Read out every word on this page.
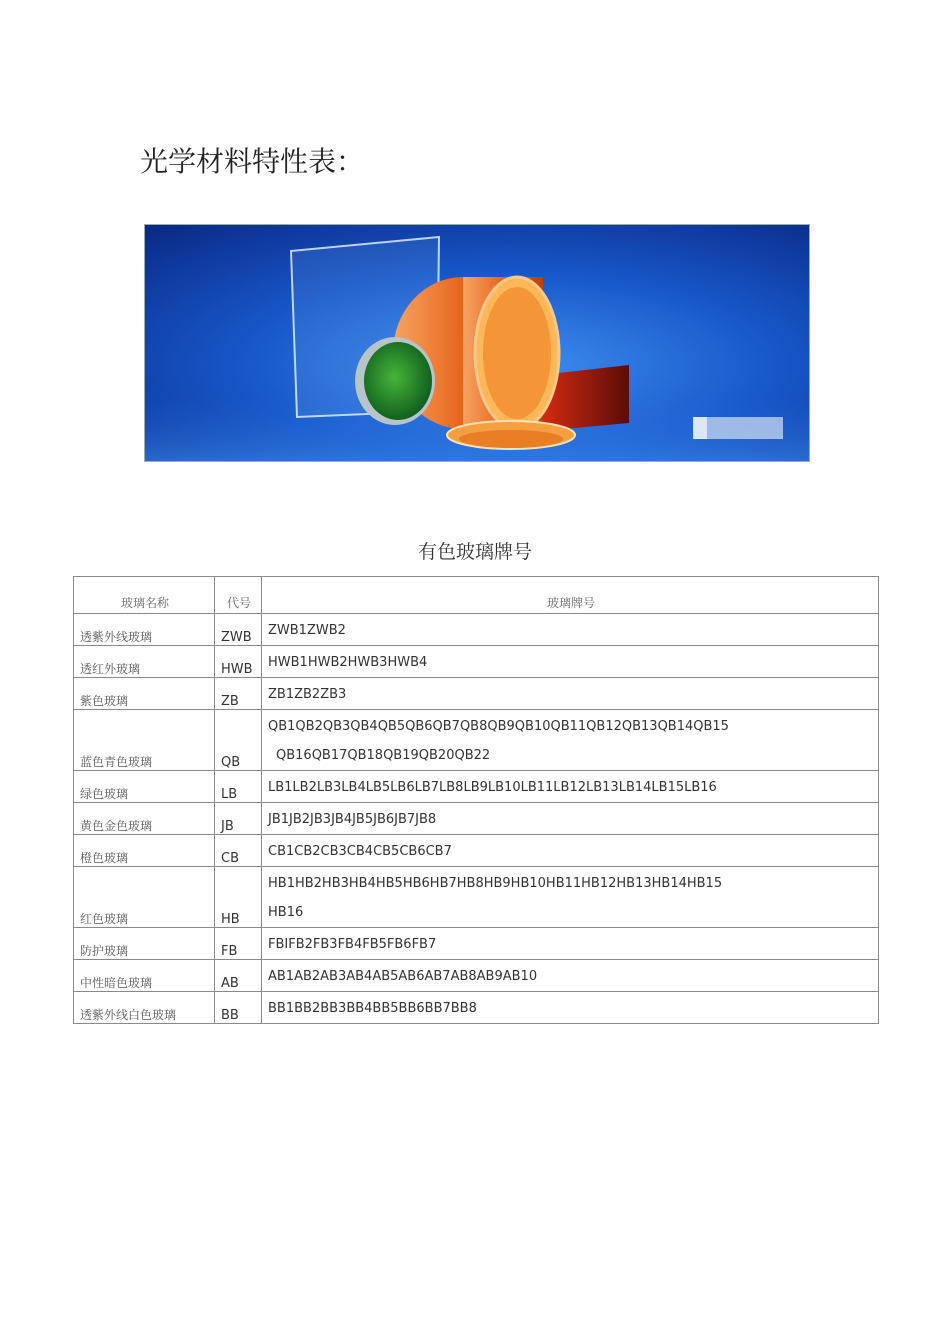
光学材料特性表：
有色玻璃牌号
玻璃名称	代号	玻璃牌号
透紫外线玻璃	ZWB	ZWB1ZWB2
透红外玻璃	HWB	HWB1HWB2HWB3HWB4
紫色玻璃	ZB	ZB1ZB2ZB3
蓝色青色玻璃	QB	QB1QB2QB3QB4QB5QB6QB7QB8QB9QB10QB11QB12QB13QB14QB15
QB16QB17QB18QB19QB20QB22

绿色玻璃	LB	LB1LB2LB3LB4LB5LB6LB7LB8LB9LB10LB11LB12LB13LB14LB15LB16
黄色金色玻璃	JB	JB1JB2JB3JB4JB5JB6JB7JB8
橙色玻璃	CB	CB1CB2CB3CB4CB5CB6CB7
红色玻璃	HB	HB1HB2HB3HB4HB5HB6HB7HB8HB9HB10HB11HB12HB13HB14HB15
HB16

防护玻璃	FB	FBIFB2FB3FB4FB5FB6FB7
中性暗色玻璃	AB	AB1AB2AB3AB4AB5AB6AB7AB8AB9AB10
透紫外线白色玻璃	BB	BB1BB2BB3BB4BB5BB6BB7BB8
